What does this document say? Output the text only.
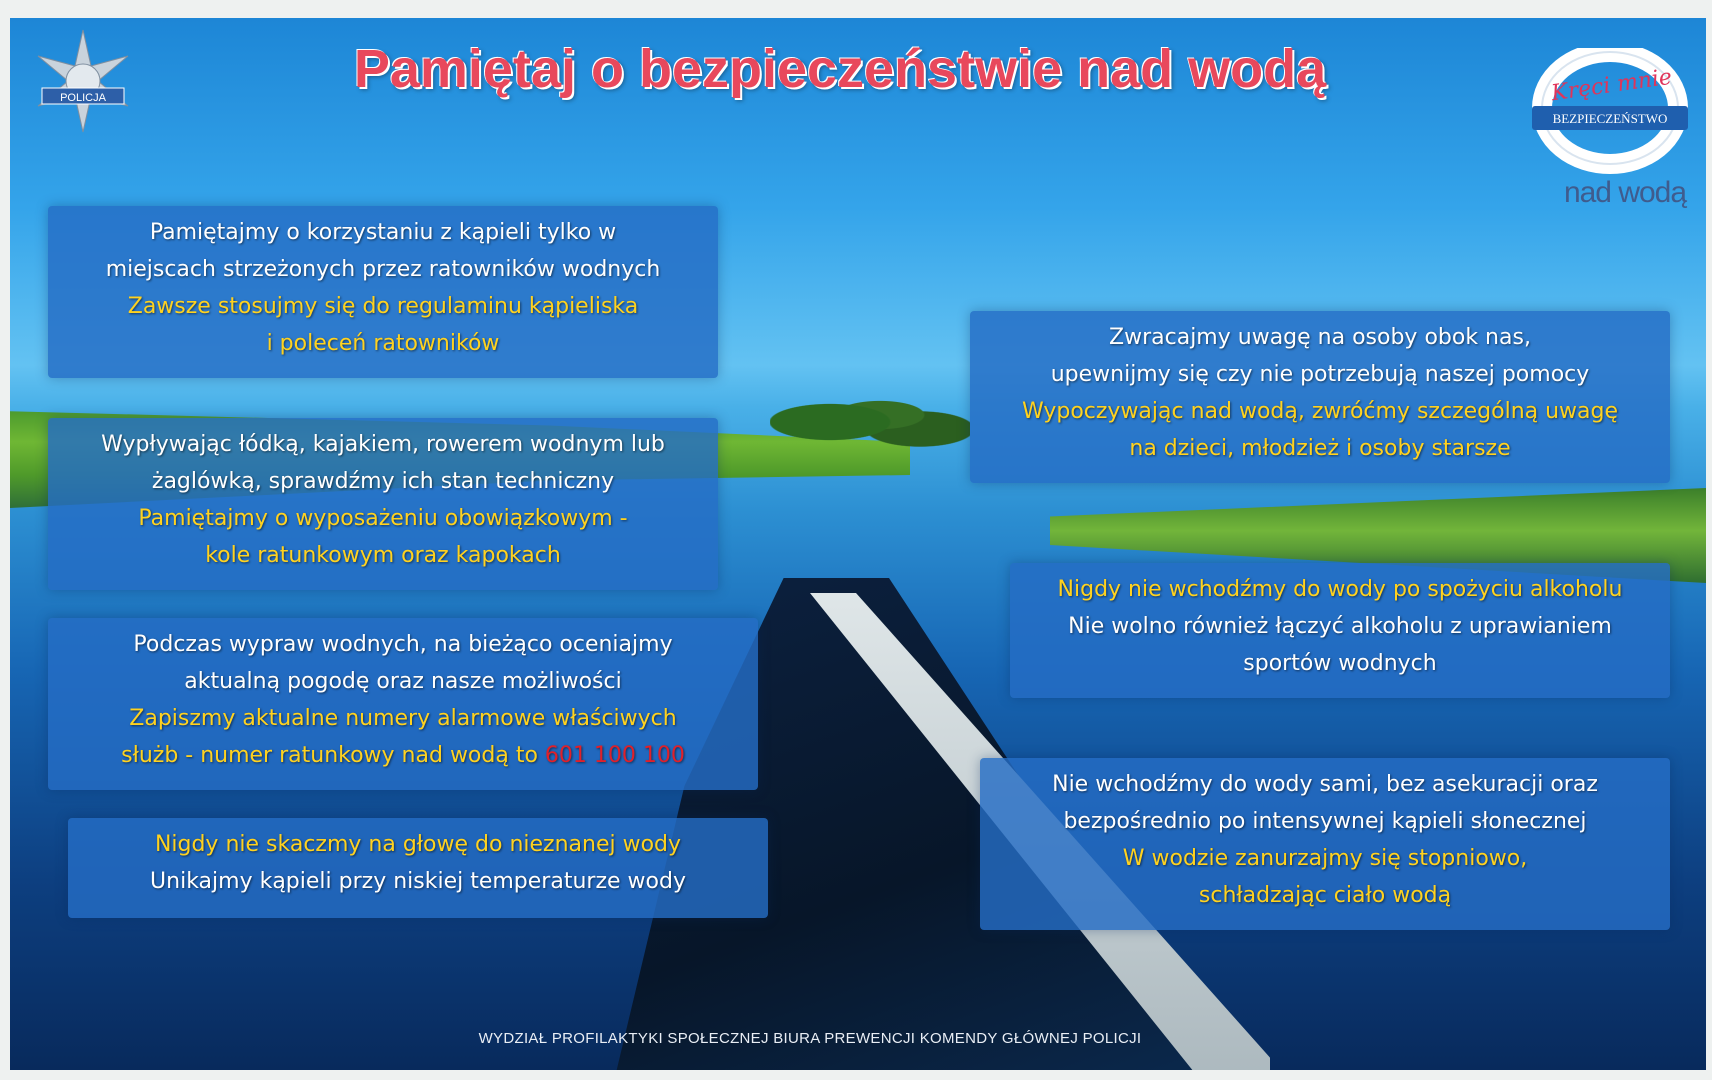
POLICJA	Pamiętaj o bezpieczeństwie nad wodą
BEZPIECZEŃSTWO
Kręci mnie
nad wodą
Pamiętajmy o korzystaniu z kąpieli tylko w
miejscach strzeżonych przez ratowników wodnych
Zawsze stosujmy się do regulaminu kąpieliska
i poleceń ratowników
Wypływając łódką, kajakiem, rowerem wodnym lub
żaglówką, sprawdźmy ich stan techniczny
Pamiętajmy o wyposażeniu obowiązkowym -
kole ratunkowym oraz kapokach
Podczas wypraw wodnych, na bieżąco oceniajmy
aktualną pogodę oraz nasze możliwości
Zapiszmy aktualne numery alarmowe właściwych
służb - numer ratunkowy nad wodą to 601 100 100
Nigdy nie skaczmy na głowę do nieznanej wody
Unikajmy kąpieli przy niskiej temperaturze wody
Zwracajmy uwagę na osoby obok nas,
upewnijmy się czy nie potrzebują naszej pomocy
Wypoczywając nad wodą, zwróćmy szczególną uwagę
na dzieci, młodzież i osoby starsze
Nigdy nie wchodźmy do wody po spożyciu alkoholu
Nie wolno również łączyć alkoholu z uprawianiem
sportów wodnych
Nie wchodźmy do wody sami, bez asekuracji oraz
bezpośrednio po intensywnej kąpieli słonecznej
W wodzie zanurzajmy się stopniowo,
schładzając ciało wodą
WYDZIAŁ PROFILAKTYKI SPOŁECZNEJ BIURA PREWENCJI KOMENDY GŁÓWNEJ POLICJI
